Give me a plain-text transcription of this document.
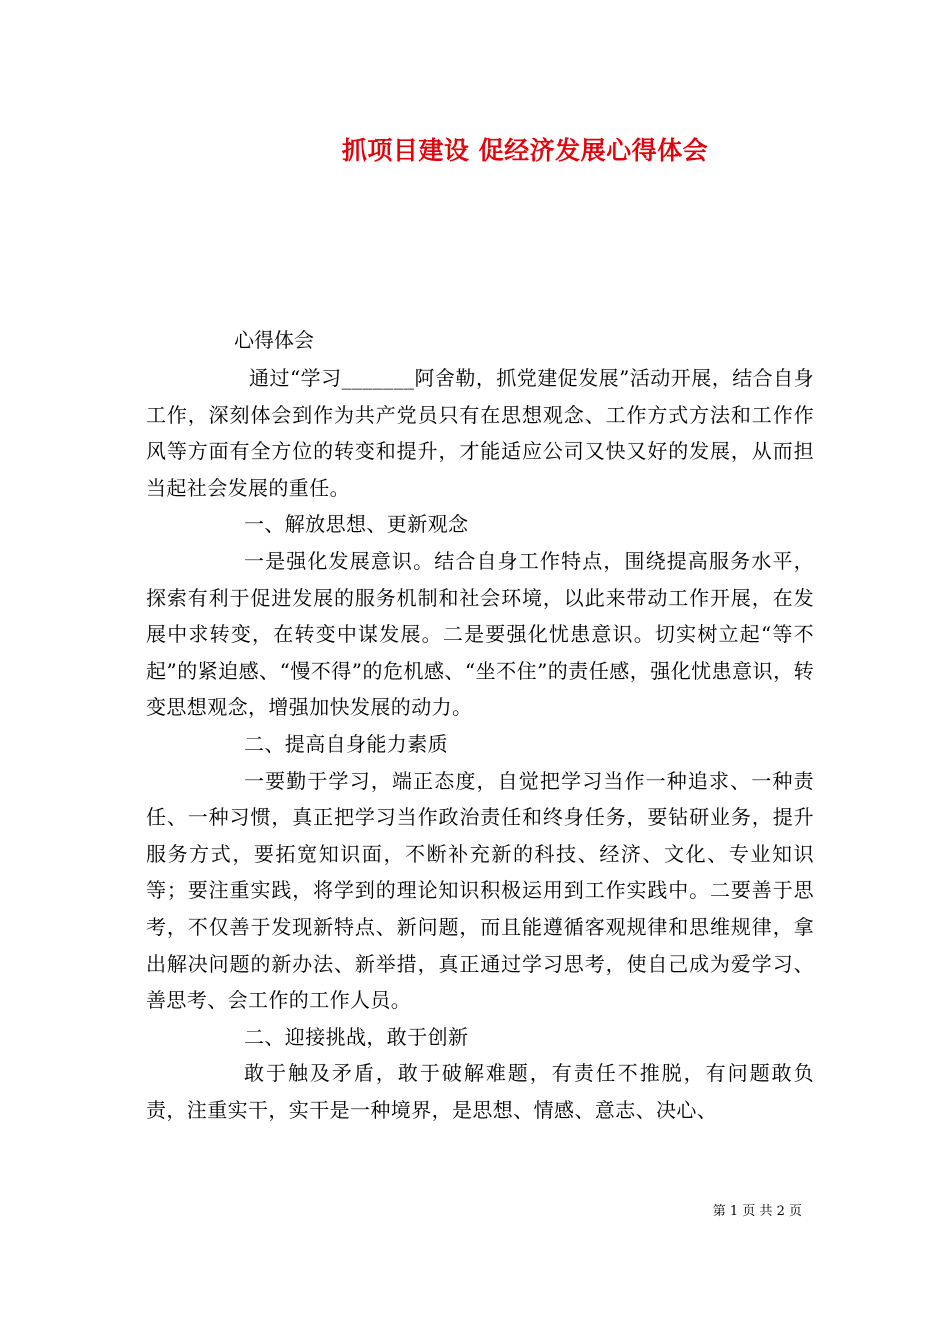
抓项目建设 促经济发展心得体会
心得体会

通过“学习_______阿舍勒，抓党建促发展”活动开展，结合自身工作，深刻体会到作为共产党员只有在思想观念、工作方式方法和工作作风等方面有全方位的转变和提升，才能适应公司又快又好的发展，从而担当起社会发展的重任。

一、解放思想、更新观念

一是强化发展意识。结合自身工作特点，围绕提高服务水平，探索有利于促进发展的服务机制和社会环境，以此来带动工作开展，在发展中求转变，在转变中谋发展。二是要强化忧患意识。切实树立起“等不起”的紧迫感、“慢不得”的危机感、“坐不住”的责任感，强化忧患意识，转变思想观念，增强加快发展的动力。

二、提高自身能力素质

一要勤于学习，端正态度，自觉把学习当作一种追求、一种责任、一种习惯，真正把学习当作政治责任和终身任务，要钻研业务，提升服务方式，要拓宽知识面，不断补充新的科技、经济、文化、专业知识等；要注重实践，将学到的理论知识积极运用到工作实践中。二要善于思考，不仅善于发现新特点、新问题，而且能遵循客观规律和思维规律，拿出解决问题的新办法、新举措，真正通过学习思考，使自己成为爱学习、善思考、会工作的工作人员。

二、迎接挑战，敢于创新

敢于触及矛盾，敢于破解难题，有责任不推脱，有问题敢负责，注重实干，实干是一种境界，是思想、情感、意志、决心、

第 1 页 共 2 页
